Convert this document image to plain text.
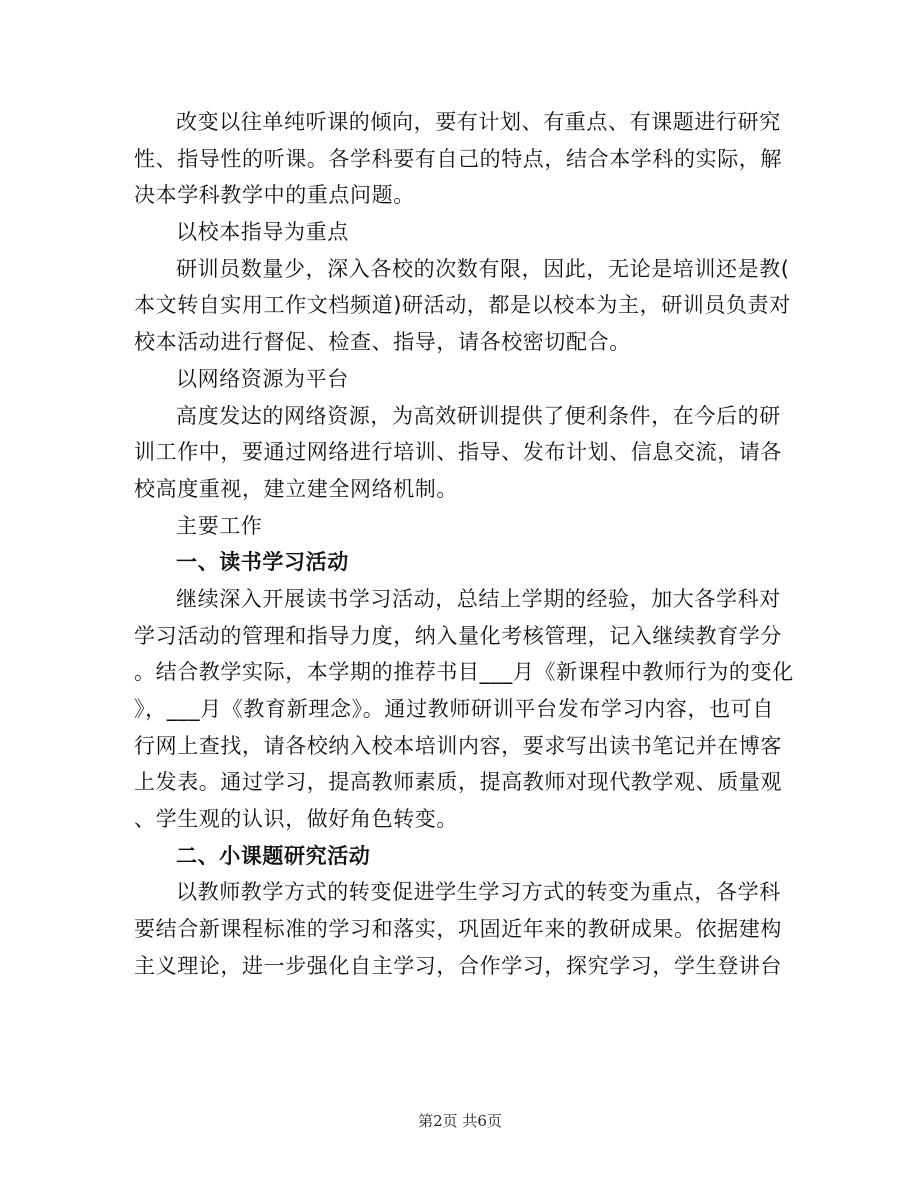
改变以往单纯听课的倾向，要有计划、有重点、有课题进行研究
性、指导性的听课。各学科要有自己的特点，结合本学科的实际，解
决本学科教学中的重点问题。
以校本指导为重点
研训员数量少，深入各校的次数有限，因此，无论是培训还是教(
本文转自实用工作文档频道)研活动，都是以校本为主，研训员负责对
校本活动进行督促、检查、指导，请各校密切配合。
以网络资源为平台
高度发达的网络资源，为高效研训提供了便利条件，在今后的研
训工作中，要通过网络进行培训、指导、发布计划、信息交流，请各
校高度重视，建立建全网络机制。
主要工作
一、读书学习活动
继续深入开展读书学习活动，总结上学期的经验，加大各学科对
学习活动的管理和指导力度，纳入量化考核管理，记入继续教育学分
。结合教学实际，本学期的推荐书目___月《新课程中教师行为的变化
》，___月《教育新理念》。通过教师研训平台发布学习内容，也可自
行网上查找，请各校纳入校本培训内容，要求写出读书笔记并在博客
上发表。通过学习，提高教师素质，提高教师对现代教学观、质量观
、学生观的认识，做好角色转变。
二、小课题研究活动
以教师教学方式的转变促进学生学习方式的转变为重点，各学科
要结合新课程标准的学习和落实，巩固近年来的教研成果。依据建构
主义理论，进一步强化自主学习，合作学习，探究学习，学生登讲台
第2页 共6页
